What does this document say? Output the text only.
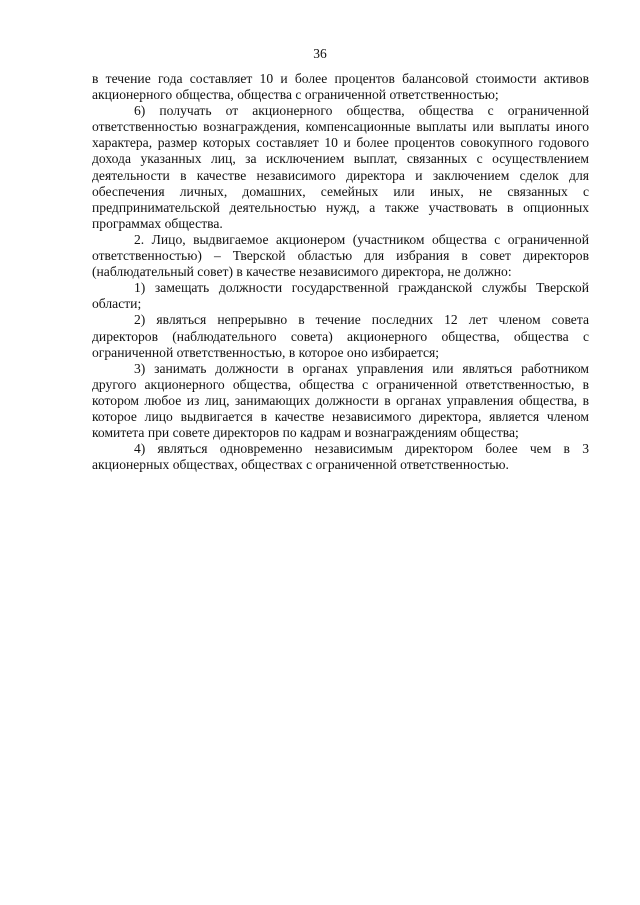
36

в течение года составляет 10 и более процентов балансовой стоимости активов акционерного общества, общества с ограниченной ответственностью;

6) получать от акционерного общества, общества с ограниченной ответственностью вознаграждения, компенсационные выплаты или выплаты иного характера, размер которых составляет 10 и более процентов совокупного годового дохода указанных лиц, за исключением выплат, связанных с осуществлением деятельности в качестве независимого директора и заключением сделок для обеспечения личных, домашних, семейных или иных, не связанных с предпринимательской деятельностью нужд, а также участвовать в опционных программах общества.

2. Лицо, выдвигаемое акционером (участником общества с ограниченной ответственностью) – Тверской областью для избрания в совет директоров (наблюдательный совет) в качестве независимого директора, не должно:

1) замещать должности государственной гражданской службы Тверской области;

2) являться непрерывно в течение последних 12 лет членом совета директоров (наблюдательного совета) акционерного общества, общества с ограниченной ответственностью, в которое оно избирается;

3) занимать должности в органах управления или являться работником другого акционерного общества, общества с ограниченной ответственностью, в котором любое из лиц, занимающих должности в органах управления общества, в которое лицо выдвигается в качестве независимого директора, является членом комитета при совете директоров по кадрам и вознаграждениям общества;

4) являться одновременно независимым директором более чем в 3 акционерных обществах, обществах с ограниченной ответственностью.
